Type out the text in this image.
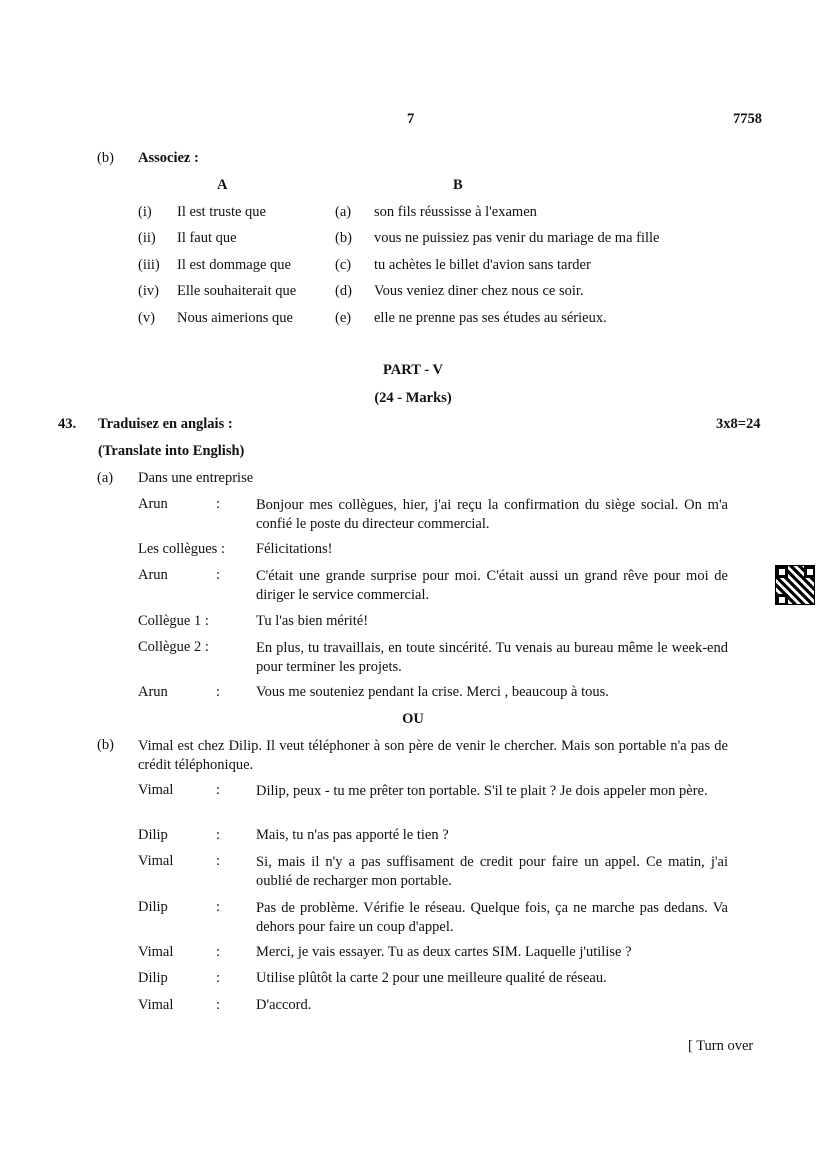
7	7758
(b) Associez :
A	B
(i) Il est truste que	(a) son fils réussisse à l'examen
(ii) Il faut que	(b) vous ne puissiez pas venir du mariage de ma fille
(iii) Il est dommage que	(c) tu achètes le billet d'avion sans tarder
(iv) Elle souhaiterait que	(d) Vous veniez diner chez nous ce soir.
(v) Nous aimerions que	(e) elle ne prenne pas ses études au sérieux.
PART - V
(24 - Marks)
43. Traduisez en anglais :	3x8=24
(Translate into English)
(a) Dans une entreprise
Arun	: Bonjour mes collègues, hier, j'ai reçu la confirmation du siège social. On m'a confié le poste du directeur commercial.
Les collègues : Félicitations!
Arun	: C'était une grande surprise pour moi. C'était aussi un grand rêve pour moi de diriger le service commercial.
Collègue 1 :	Tu l'as bien mérité!
Collègue 2 :	En plus, tu travaillais, en toute sincérité. Tu venais au bureau même le week-end pour terminer les projets.
Arun	: Vous me souteniez pendant la crise. Merci , beaucoup à tous.
OU
(b) Vimal est chez Dilip. Il veut téléphoner à son père de venir le chercher. Mais son portable n'a pas de crédit téléphonique.
Vimal	: Dilip, peux - tu me prêter ton portable. S'il te plait ? Je dois appeler mon père.
Dilip	: Mais, tu n'as pas apporté le tien ?
Vimal	: Si, mais il n'y a pas suffisament de credit pour faire un appel. Ce matin, j'ai oublié de recharger mon portable.
Dilip	: Pas de problème. Vérifie le réseau. Quelque fois, ça ne marche pas dedans. Va dehors pour faire un coup d'appel.
Vimal	: Merci, je vais essayer. Tu as deux cartes SIM. Laquelle j'utilise ?
Dilip	: Utilise plûtôt la carte 2 pour une meilleure qualité de réseau.
Vimal	: D'accord.
[ Turn over
